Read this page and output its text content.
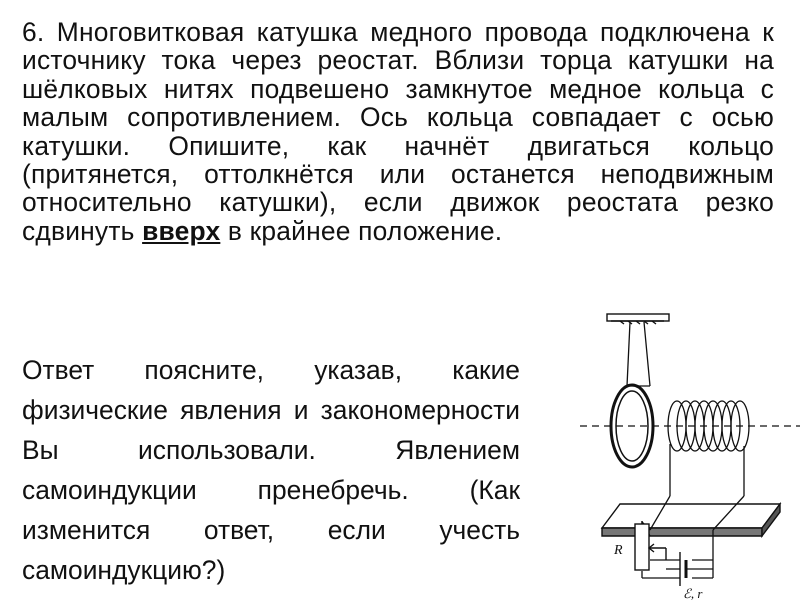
6. Многовитковая катушка медного провода подключена к источнику тока через реостат. Вблизи торца катушки на шёлковых нитях подвешено замкнутое медное кольца с малым сопротивлением. Ось кольца совпадает с осью катушки. Опишите, как начнёт двигаться кольцо (притянется, оттолкнётся или останется неподвижным относительно катушки), если движок реостата резко сдвинуть вверх в крайнее положение.

Ответ поясните, указав, какие физические явления и закономерности Вы использовали. Явлением самоиндукции пренебречь. (Как изменится ответ, если учесть самоиндукцию?)

R
ℰ, r
